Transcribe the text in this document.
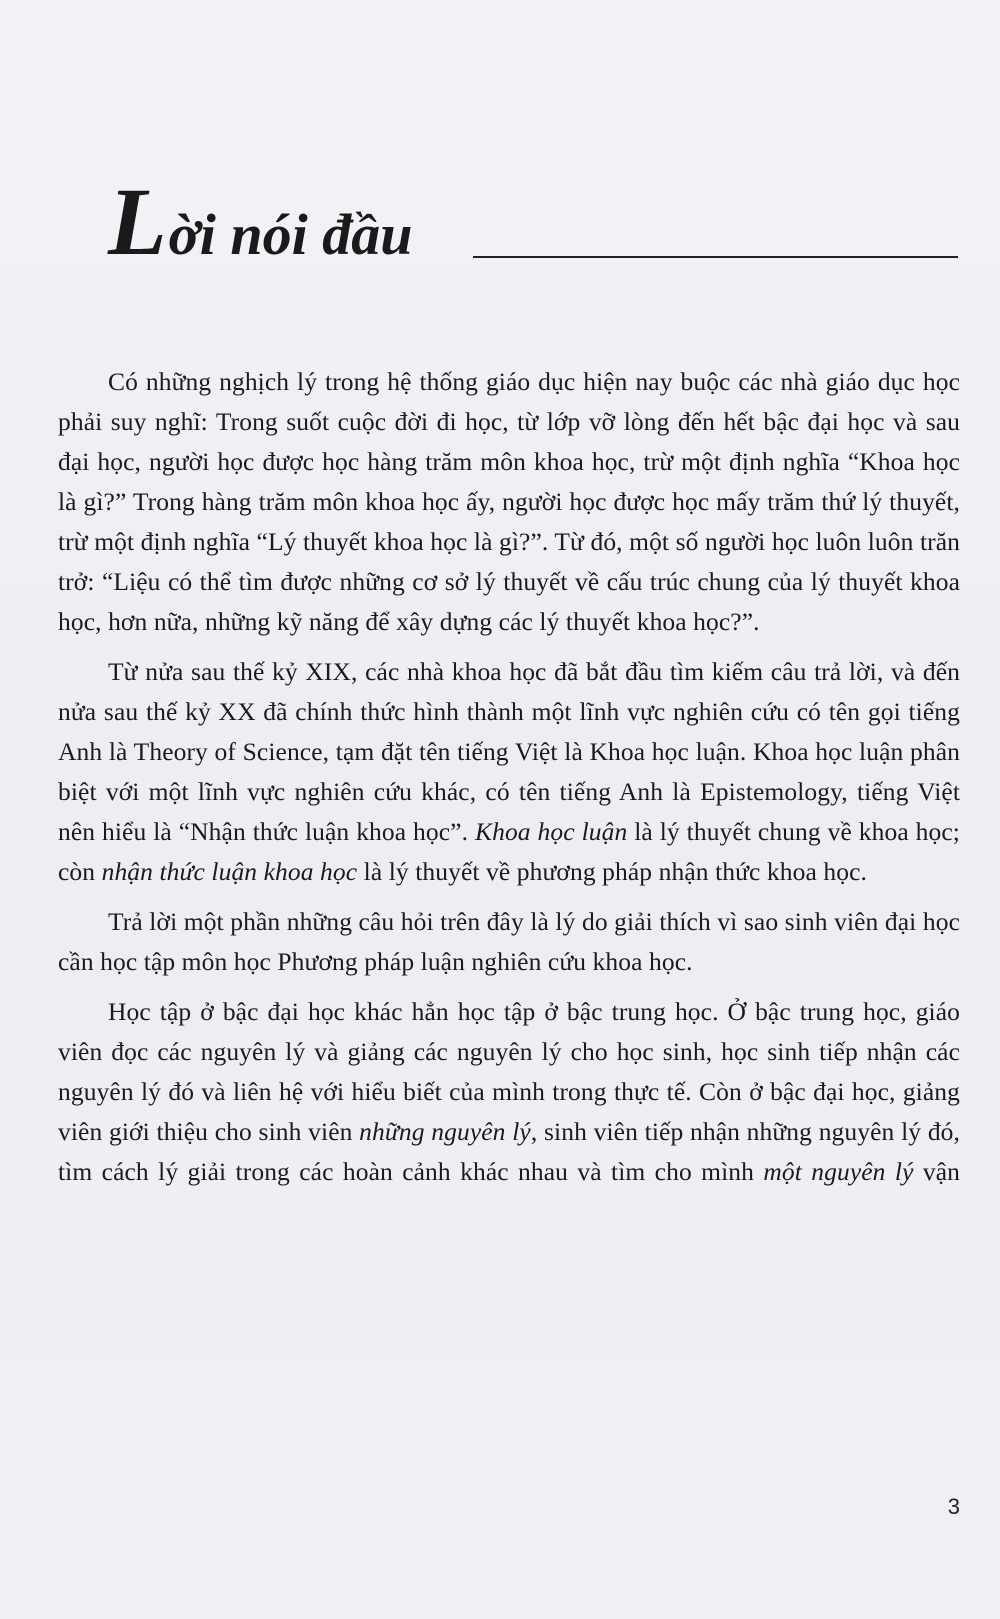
Lời nói đầu

Có những nghịch lý trong hệ thống giáo dục hiện nay buộc các nhà giáo dục học phải suy nghĩ: Trong suốt cuộc đời đi học, từ lớp vỡ lòng đến hết bậc đại học và sau đại học, người học được học hàng trăm môn khoa học, trừ một định nghĩa “Khoa học là gì?” Trong hàng trăm môn khoa học ấy, người học được học mấy trăm thứ lý thuyết, trừ một định nghĩa “Lý thuyết khoa học là gì?”. Từ đó, một số người học luôn luôn trăn trở: “Liệu có thể tìm được những cơ sở lý thuyết về cấu trúc chung của lý thuyết khoa học, hơn nữa, những kỹ năng để xây dựng các lý thuyết khoa học?”.

Từ nửa sau thế kỷ XIX, các nhà khoa học đã bắt đầu tìm kiếm câu trả lời, và đến nửa sau thế kỷ XX đã chính thức hình thành một lĩnh vực nghiên cứu có tên gọi tiếng Anh là Theory of Science, tạm đặt tên tiếng Việt là Khoa học luận. Khoa học luận phân biệt với một lĩnh vực nghiên cứu khác, có tên tiếng Anh là Epistemology, tiếng Việt nên hiểu là “Nhận thức luận khoa học”. Khoa học luận là lý thuyết chung về khoa học; còn nhận thức luận khoa học là lý thuyết về phương pháp nhận thức khoa học.

Trả lời một phần những câu hỏi trên đây là lý do giải thích vì sao sinh viên đại học cần học tập môn học Phương pháp luận nghiên cứu khoa học.

Học tập ở bậc đại học khác hẳn học tập ở bậc trung học. Ở bậc trung học, giáo viên đọc các nguyên lý và giảng các nguyên lý cho học sinh, học sinh tiếp nhận các nguyên lý đó và liên hệ với hiểu biết của mình trong thực tế. Còn ở bậc đại học, giảng viên giới thiệu cho sinh viên những nguyên lý, sinh viên tiếp nhận những nguyên lý đó, tìm cách lý giải trong các hoàn cảnh khác nhau và tìm cho mình một nguyên lý vận

3
